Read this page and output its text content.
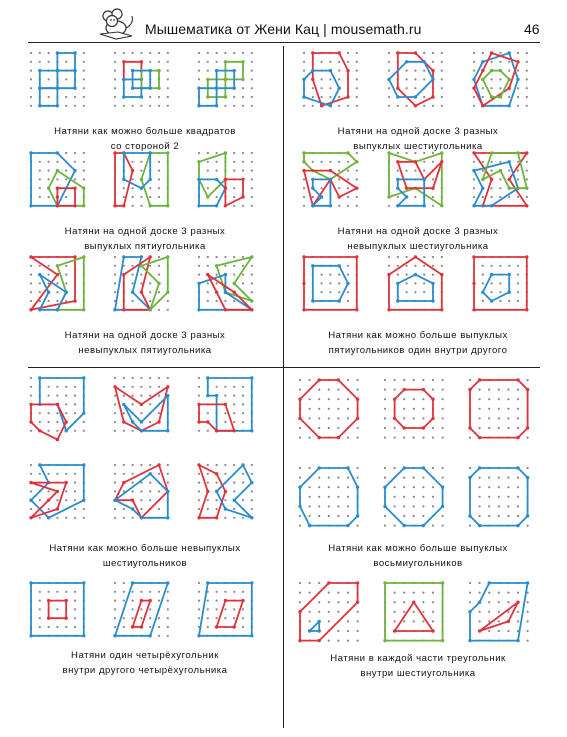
Мышематика от Жени Кац | mousemath.ru	46
Натяни как можно больше квадратов
со стороной 2
Натяни на одной доске 3 разных
выпуклых шестиугольника
Натяни на одной доске 3 разных
выпуклых пятиугольника
Натяни на одной доске 3 разных
невыпуклых шестиугольника
Натяни на одной доске 3 разных
невыпуклых пятиугольника
Натяни как можно больше выпуклых
пятиугольников один внутри другого
Натяни как можно больше невыпуклых
шестиугольников
Натяни как можно больше выпуклых
восьмиугольников
Натяни один четырёхугольник
внутри другого четырёхугольника
Натяни в каждой части треугольник
внутри шестиугольника
